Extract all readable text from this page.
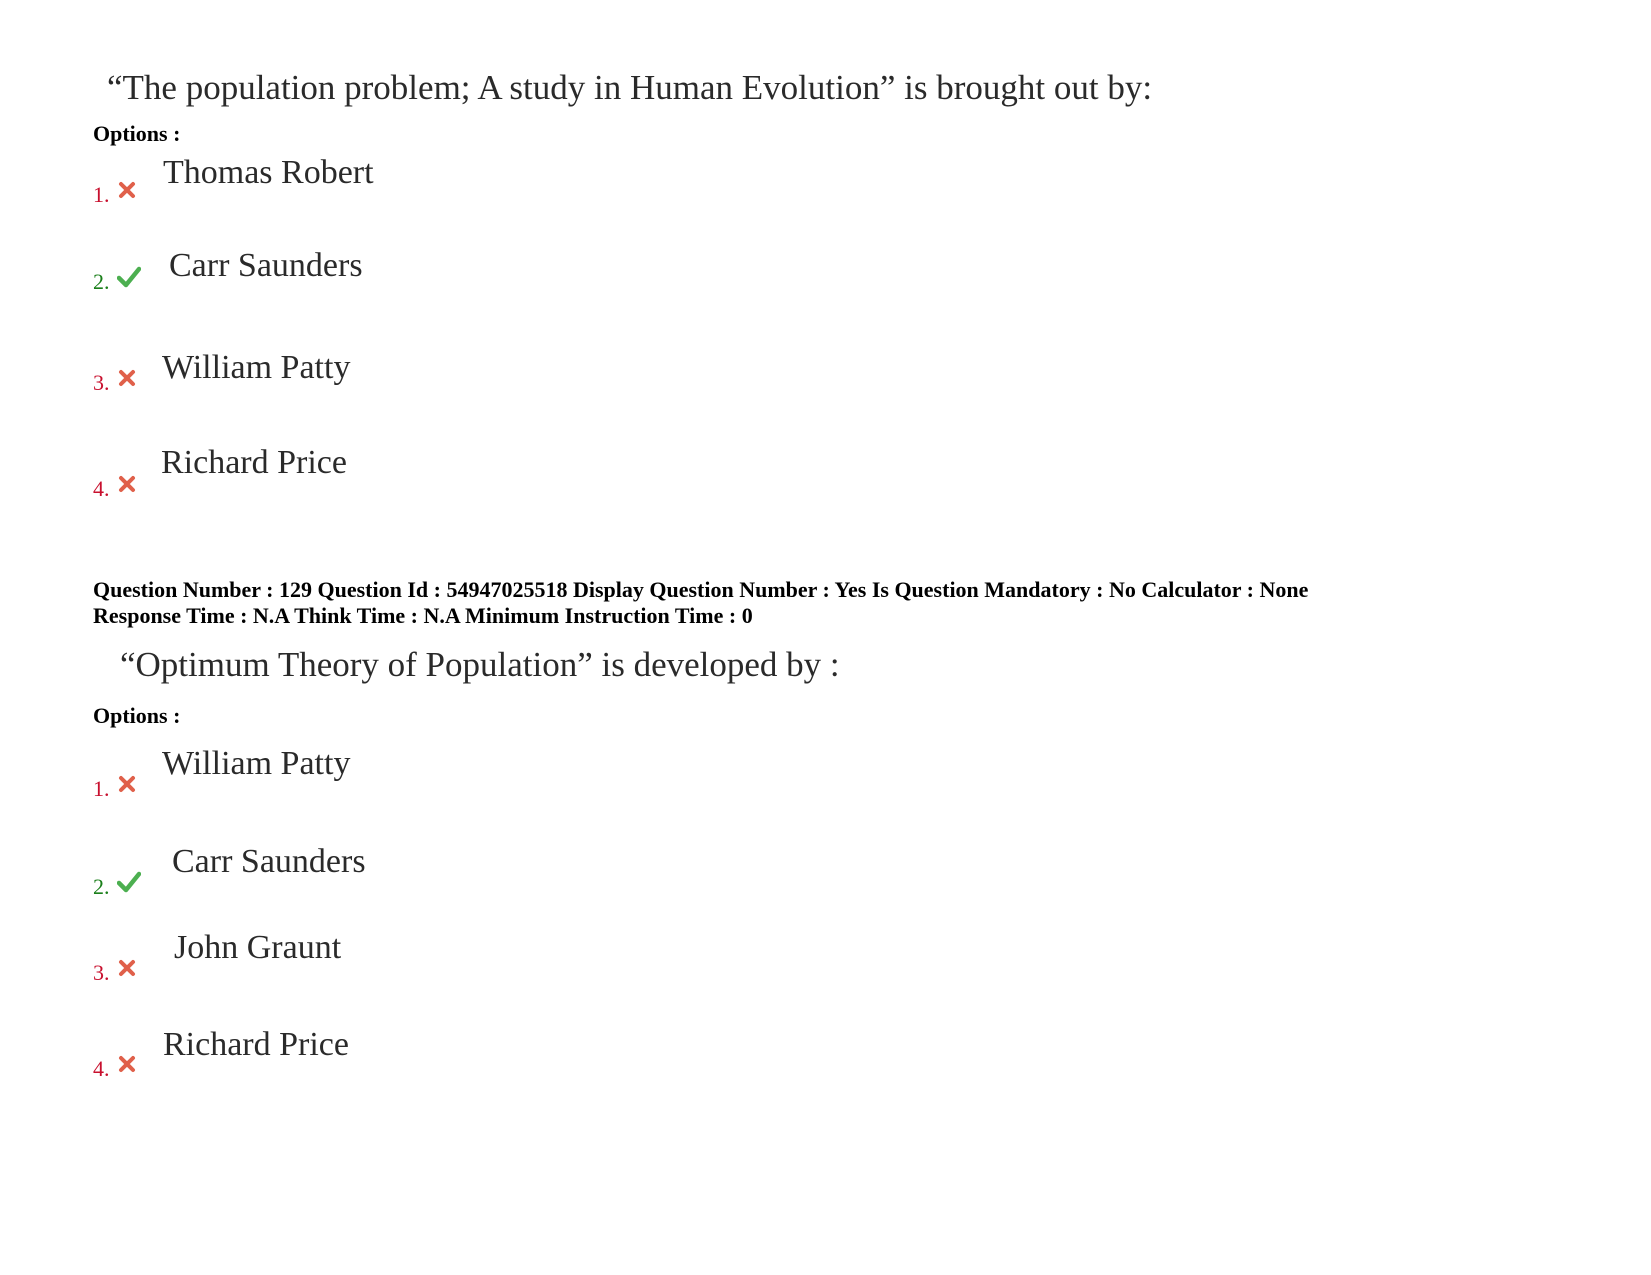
“The population problem; A study in Human Evolution” is brought out by:
Options :
1.
Thomas Robert
2. Carr Saunders
3. William Patty
4.
Richard Price
Question Number : 129 Question Id : 54947025518 Display Question Number : Yes Is Question Mandatory : No Calculator : None
Response Time : N.A Think Time : N.A Minimum Instruction Time : 0
“Optimum Theory of Population” is developed by :
Options :
1.
William Patty
2.
Carr Saunders
3.
John Graunt
4.
Richard Price
